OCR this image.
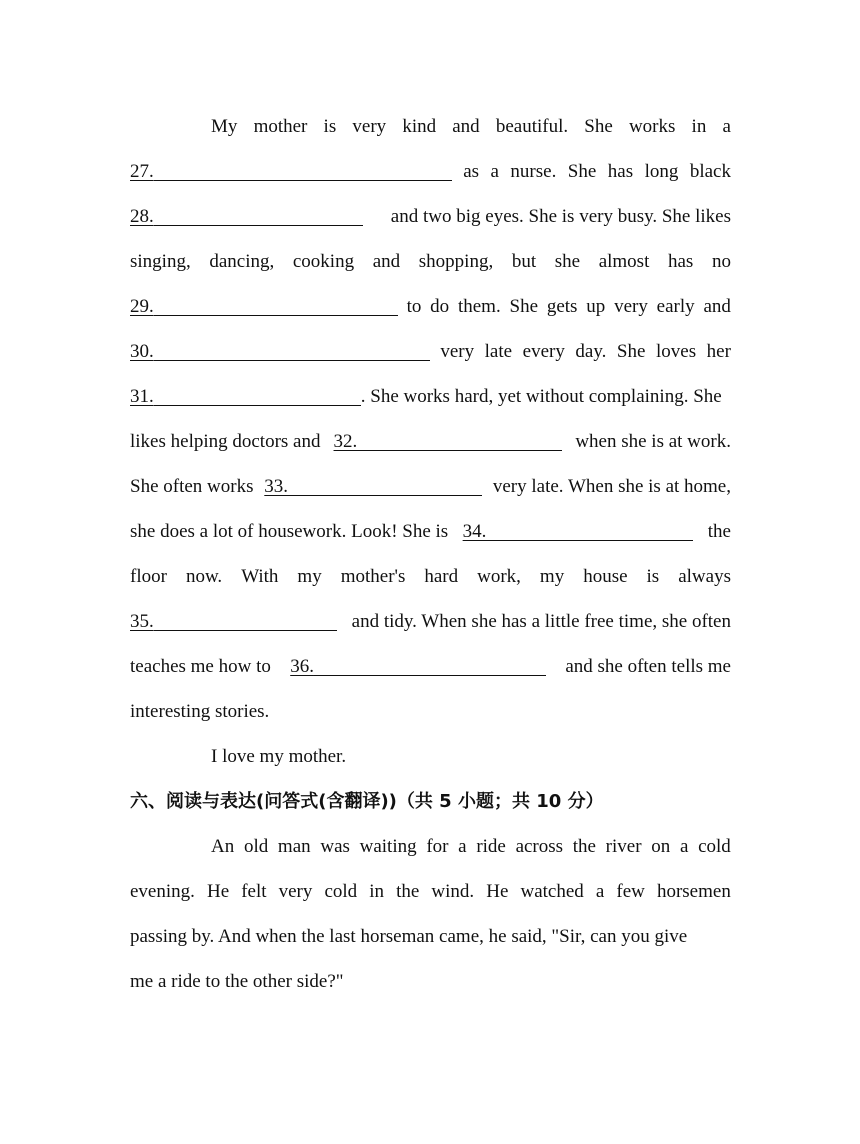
My mother is very kind and beautiful. She works in a
27.	as a nurse. She has long black
28.	and two big eyes. She is very busy. She likes
singing, dancing, cooking and shopping, but she almost has no
29.	to do them. She gets up very early and
30.	very late every day. She loves her
31.	. She works hard, yet without complaining. She
likes helping doctors and 32.	when she is at work.
She often works 33.	very late. When she is at home,
she does a lot of housework. Look! She is 34.	the
floor now. With my mother's hard work, my house is always
35.	and tidy. When she has a little free time, she often
teaches me how to 36.	and she often tells me
interesting stories.
I love my mother.
六、阅读与表达(问答式(含翻译))（共 5 小题；共 10 分）
An old man was waiting for a ride across the river on a cold
evening. He felt very cold in the wind. He watched a few horsemen
passing by. And when the last horseman came, he said, "Sir, can you give
me a ride to the other side?"
